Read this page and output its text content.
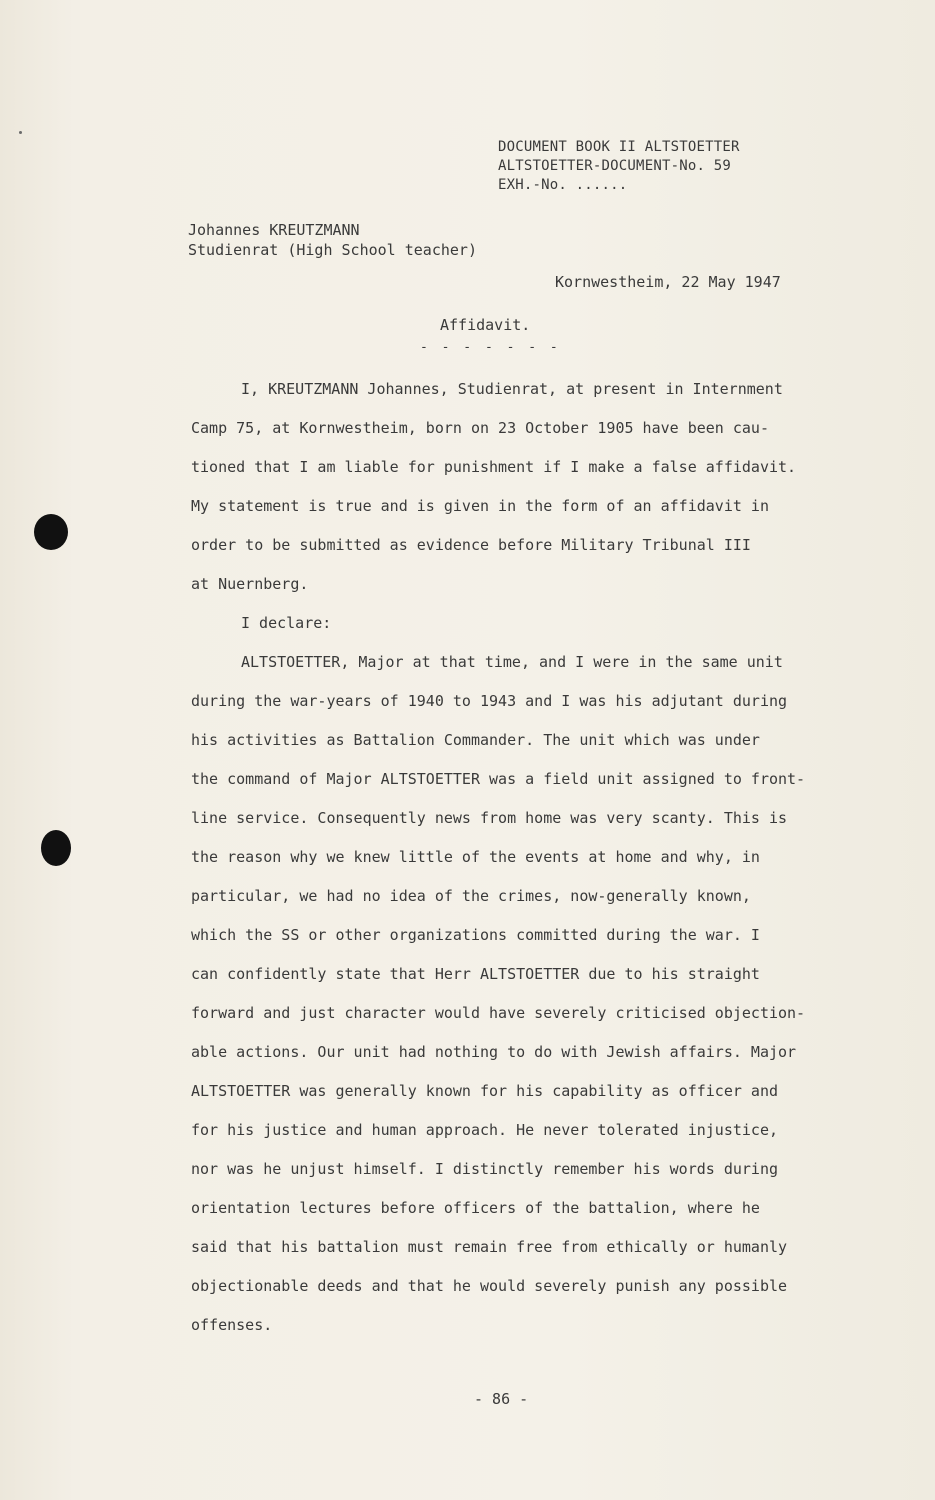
DOCUMENT BOOK II ALTSTOETTER
ALTSTOETTER-DOCUMENT-No. 59
EXH.-No. ......
Johannes KREUTZMANN
Studienrat (High School teacher)
Kornwestheim, 22 May 1947
Affidavit.
- - - - - - -
I, KREUTZMANN Johannes, Studienrat, at present in Internment
Camp 75, at Kornwestheim, born on 23 October 1905 have been cau-
tioned that I am liable for punishment if I make a false affidavit.
My statement is true and is given in the form of an affidavit in
order to be submitted as evidence before Military Tribunal III
at Nuernberg.
I declare:
ALTSTOETTER, Major at that time, and I were in the same unit
during the war-years of 1940 to 1943 and I was his adjutant during
his activities as Battalion Commander. The unit which was under
the command of Major ALTSTOETTER was a field unit assigned to front-
line service. Consequently news from home was very scanty. This is
the reason why we knew little of the events at home and why, in
particular, we had no idea of the crimes, now-generally known,
which the SS or other organizations committed during the war. I
can confidently state that Herr ALTSTOETTER due to his straight
forward and just character would have severely criticised objection-
able actions. Our unit had nothing to do with Jewish affairs. Major
ALTSTOETTER was generally known for his capability as officer and
for his justice and human approach. He never tolerated injustice,
nor was he unjust himself. I distinctly remember his words during
orientation lectures before officers of the battalion, where he
said that his battalion must remain free from ethically or humanly
objectionable deeds and that he would severely punish any possible
offenses.
- 86 -
